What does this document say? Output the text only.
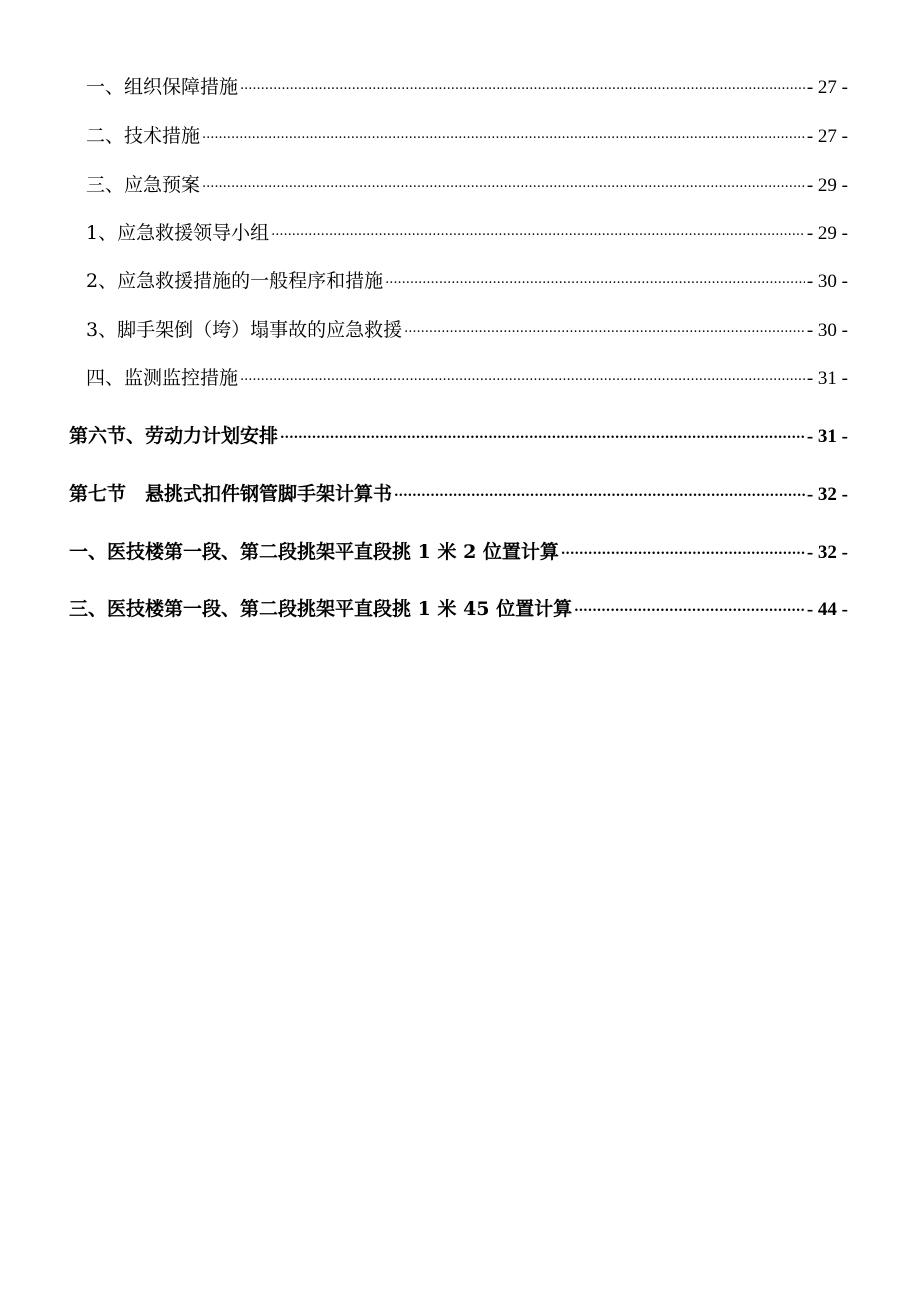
一、组织保障措施 .....	- 27 -
二、技术措施 .....	- 27 -
三、应急预案 .....	- 29 -
1、应急救援领导小组 .....	- 29 -
2、应急救援措施的一般程序和措施 .....	- 30 -
3、脚手架倒（垮）塌事故的应急救援 .....	- 30 -
四、监测监控措施 .....	- 31 -
第六节、劳动力计划安排 .....	- 31 -
第七节　悬挑式扣件钢管脚手架计算书 .....	- 32 -
一、医技楼第一段、第二段挑架平直段挑 1 米 2 位置计算 .....	- 32 -
三、医技楼第一段、第二段挑架平直段挑 1 米 45 位置计算 .....	- 44 -
